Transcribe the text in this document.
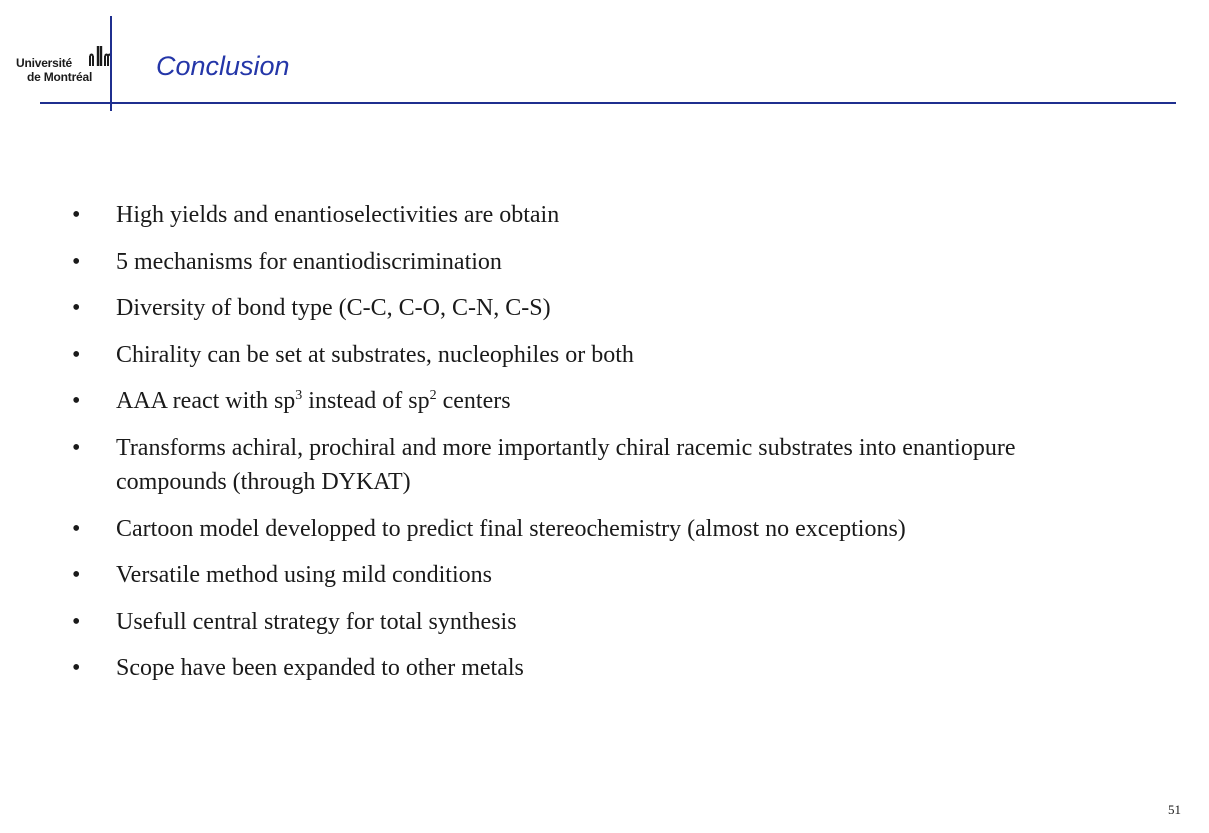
Université
de Montréal Conclusion
• High yields and enantioselectivities are obtain
• 5 mechanisms for enantiodiscrimination
• Diversity of bond type (C-C, C-O, C-N, C-S)
• Chirality can be set at substrates, nucleophiles or both
• AAA react with $sp^3$ instead of $sp^2$ centers
• Transforms achiral, prochiral and more importantly chiral racemic substrates into enantiopure compounds (through DYKAT)
• Cartoon model developped to predict final stereochemistry (almost no exceptions)
• Versatile method using mild conditions
• Usefull central strategy for total synthesis
• Scope have been expanded to other metals
51
